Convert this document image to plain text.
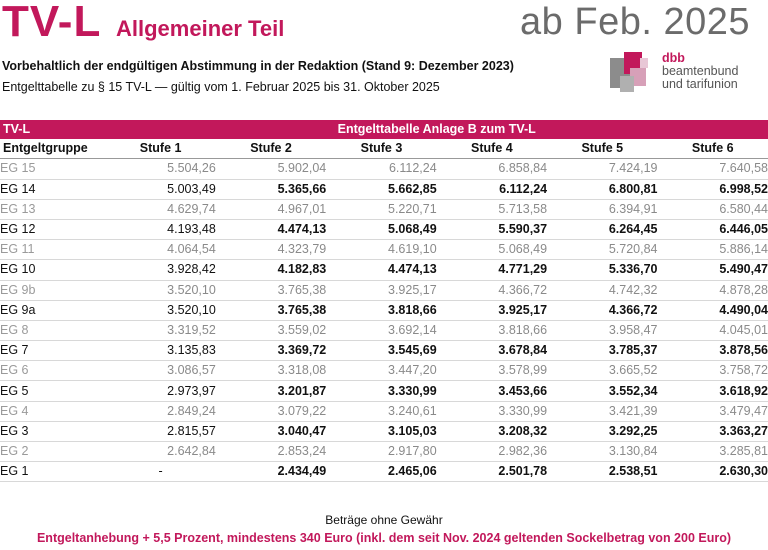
TV-L Allgemeiner Teil	ab Feb. 2025
Vorbehaltlich der endgültigen Abstimmung in der Redaktion (Stand 9: Dezember 2023)
Entgelttabelle zu § 15 TV-L — gültig vom 1. Februar 2025 bis 31. Oktober 2025
dbb
beamtenbund
und tarifunion
TV-L	Entgelttabelle Anlage B zum TV-L					
Entgeltgruppe	Stufe 1	Stufe 2	Stufe 3	Stufe 4	Stufe 5	Stufe 6
EG 15	5.504,26	5.902,04	6.112,24	6.858,84	7.424,19	7.640,58
EG 14	5.003,49	5.365,66	5.662,85	6.112,24	6.800,81	6.998,52
EG 13	4.629,74	4.967,01	5.220,71	5.713,58	6.394,91	6.580,44
EG 12	4.193,48	4.474,13	5.068,49	5.590,37	6.264,45	6.446,05
EG 11	4.064,54	4.323,79	4.619,10	5.068,49	5.720,84	5.886,14
EG 10	3.928,42	4.182,83	4.474,13	4.771,29	5.336,70	5.490,47
EG 9b	3.520,10	3.765,38	3.925,17	4.366,72	4.742,32	4.878,28
EG 9a	3.520,10	3.765,38	3.818,66	3.925,17	4.366,72	4.490,04
EG 8	3.319,52	3.559,02	3.692,14	3.818,66	3.958,47	4.045,01
EG 7	3.135,83	3.369,72	3.545,69	3.678,84	3.785,37	3.878,56
EG 6	3.086,57	3.318,08	3.447,20	3.578,99	3.665,52	3.758,72
EG 5	2.973,97	3.201,87	3.330,99	3.453,66	3.552,34	3.618,92
EG 4	2.849,24	3.079,22	3.240,61	3.330,99	3.421,39	3.479,47
EG 3	2.815,57	3.040,47	3.105,03	3.208,32	3.292,25	3.363,27
EG 2	2.642,84	2.853,24	2.917,80	2.982,36	3.130,84	3.285,81
EG 1	-	2.434,49	2.465,06	2.501,78	2.538,51	2.630,30
Beträge ohne Gewähr
Entgeltanhebung + 5,5 Prozent, mindestens 340 Euro (inkl. dem seit Nov. 2024 geltenden Sockelbetrag von 200 Euro)
